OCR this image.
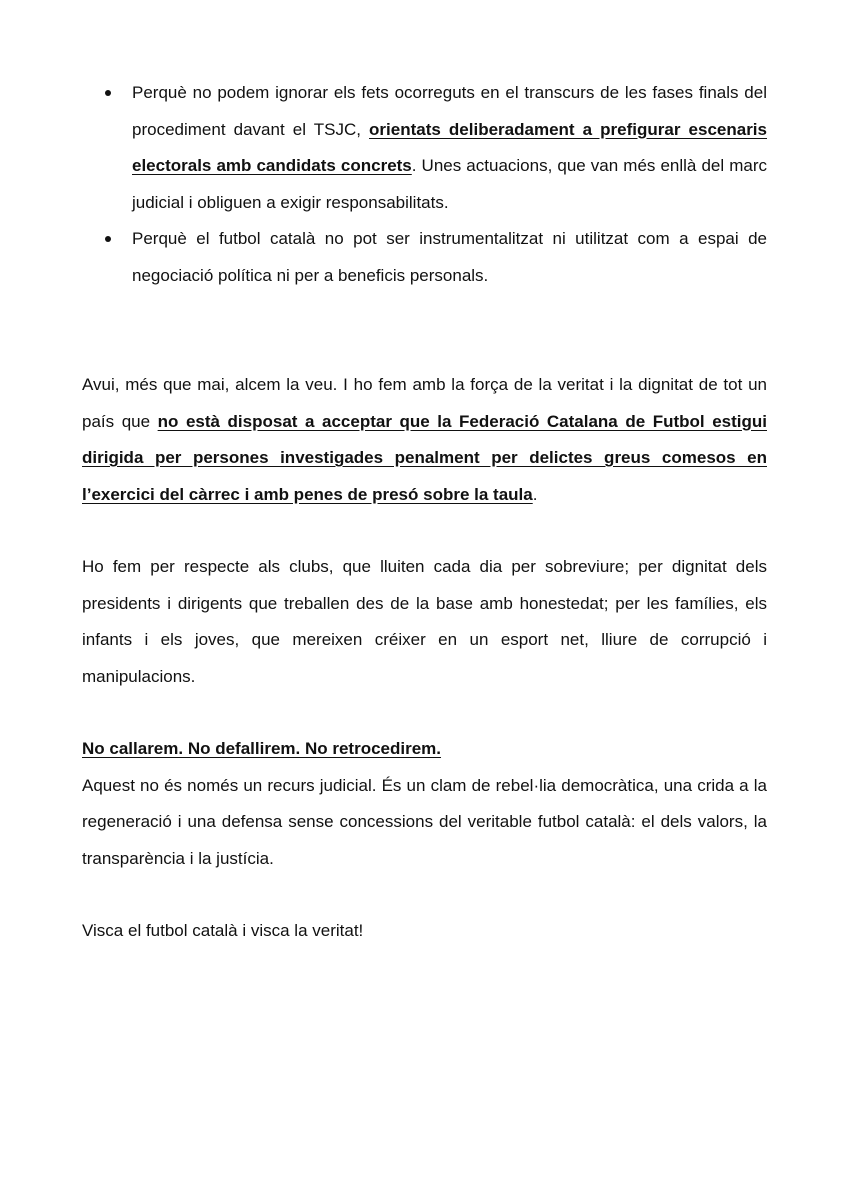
Perquè no podem ignorar els fets ocorreguts en el transcurs de les fases finals del procediment davant el TSJC, orientats deliberadament a prefigurar escenaris electorals amb candidats concrets. Unes actuacions, que van més enllà del marc judicial i obliguen a exigir responsabilitats.
Perquè el futbol català no pot ser instrumentalitzat ni utilitzat com a espai de negociació política ni per a beneficis personals.

Avui, més que mai, alcem la veu. I ho fem amb la força de la veritat i la dignitat de tot un país que no està disposat a acceptar que la Federació Catalana de Futbol estigui dirigida per persones investigades penalment per delictes greus comesos en l’exercici del càrrec i amb penes de presó sobre la taula.

Ho fem per respecte als clubs, que lluiten cada dia per sobreviure; per dignitat dels presidents i dirigents que treballen des de la base amb honestedat; per les famílies, els infants i els joves, que mereixen créixer en un esport net, lliure de corrupció i manipulacions.

No callarem. No defallirem. No retrocedirem.

Aquest no és només un recurs judicial. És un clam de rebel·lia democràtica, una crida a la regeneració i una defensa sense concessions del veritable futbol català: el dels valors, la transparència i la justícia.

Visca el futbol català i visca la veritat!
